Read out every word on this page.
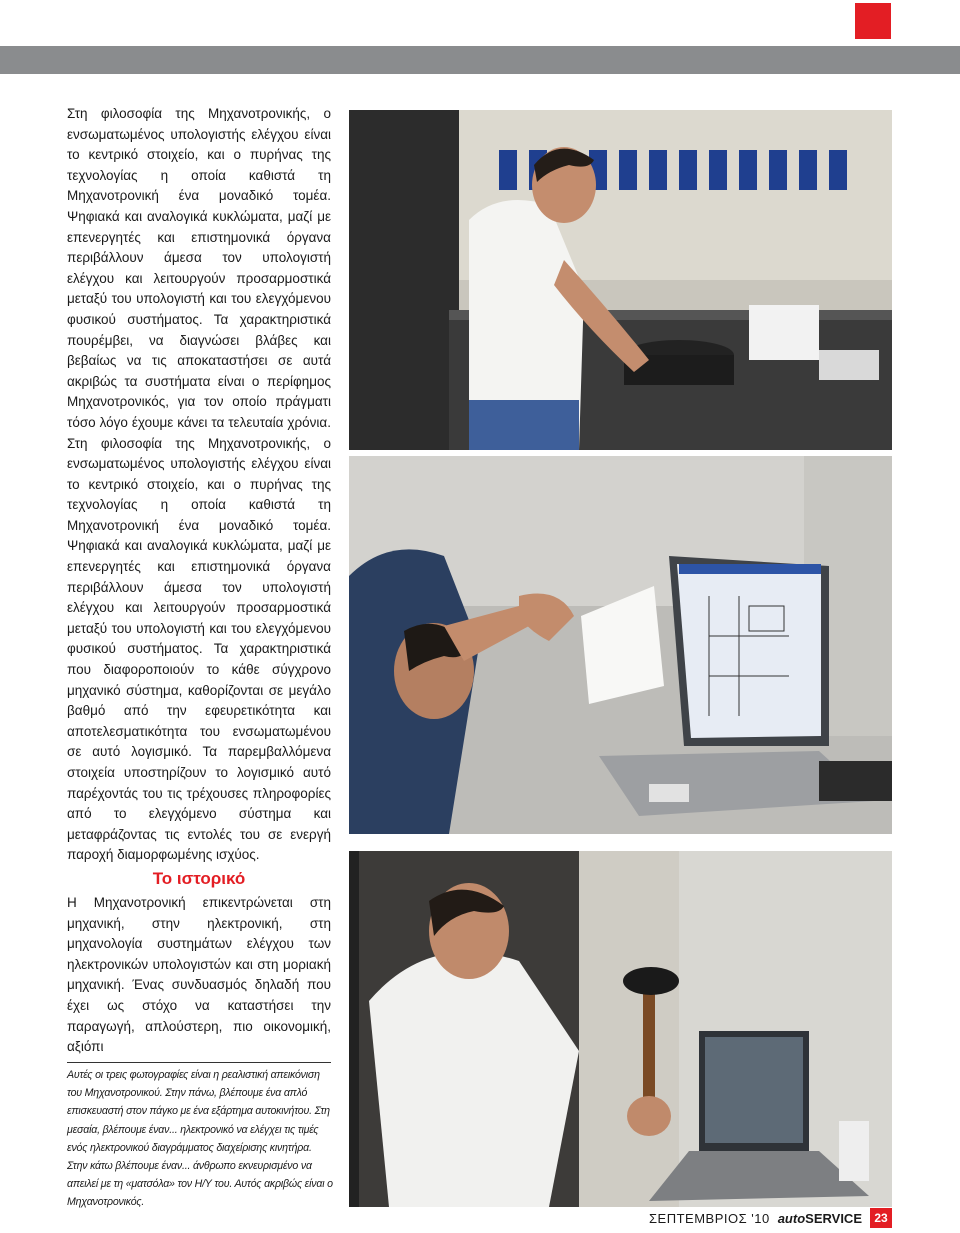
Στη φιλοσοφία της Μηχανοτρονικής, ο ενσωματωμένος υπολογιστής ελέγχου είναι το κεντρικό στοιχείο, και ο πυρήνας της τεχνολογίας η οποία καθιστά τη Μηχανοτρονική ένα μοναδικό τομέα. Ψηφιακά και αναλογικά κυκλώματα, μαζί με επενεργητές και επιστημονικά όργανα περιβάλλουν άμεσα τον υπολογιστή ελέγχου και λειτουργούν προσαρμοστικά μεταξύ του υπολογιστή και του ελεγχόμενου φυσικού συστήματος. Τα χαρακτηριστικά πουρέμβει, να διαγνώσει βλάβες και βεβαίως να τις αποκαταστήσει σε αυτά ακριβώς τα συστήματα είναι ο περίφημος Μηχανοτρονικός, για τον οποίο πράγματι τόσο λόγο έχουμε κάνει τα τελευταία χρόνια. Στη φιλοσοφία της Μηχανοτρονικής, ο ενσωματωμένος υπολογιστής ελέγχου είναι το κεντρικό στοιχείο, και ο πυρήνας της τεχνολογίας η οποία καθιστά τη Μηχανοτρονική ένα μοναδικό τομέα. Ψηφιακά και αναλογικά κυκλώματα, μαζί με επενεργητές και επιστημονικά όργανα περιβάλλουν άμεσα τον υπολογιστή ελέγχου και λειτουργούν προσαρμοστικά μεταξύ του υπολογιστή και του ελεγχόμενου φυσικού συστήματος. Τα χαρακτηριστικά που διαφοροποιούν το κάθε σύγχρονο μηχανικό σύστημα, καθορίζονται σε μεγάλο βαθμό από την εφευρετικότητα και αποτελεσματικότητα του ενσωματωμένου σε αυτό λογισμικό. Τα παρεμβαλλόμενα στοιχεία υποστηρίζουν το λογισμικό αυτό παρέχοντάς του τις τρέχουσες πληροφορίες από το ελεγχόμενο σύστημα και μεταφράζοντας τις εντολές του σε ενεργή παροχή διαμορφωμένης ισχύος.

Το ιστορικό

Η Μηχανοτρονική επικεντρώνεται στη μηχανική, στην ηλεκτρονική, στη μηχανολογία συστημάτων ελέγχου των ηλεκτρονικών υπολογιστών και στη μοριακή μηχανική. Ένας συνδυασμός δηλαδή που έχει ως στόχο να καταστήσει την παραγωγή, απλούστερη, πιο οικονομική, αξιόπι

Αυτές οι τρεις φωτογραφίες είναι η ρεαλιστική απεικόνιση του Μηχανοτρονικού. Στην πάνω, βλέπουμε ένα απλό επισκευαστή στον πάγκο με ένα εξάρτημα αυτοκινήτου. Στη μεσαία, βλέπουμε έναν... ηλεκτρονικό να ελέγχει τις τιμές ενός ηλεκτρονικού διαγράμματος διαχείρισης κινητήρα. Στην κάτω βλέπουμε έναν... άνθρωπο εκνευρισμένο να απειλεί με τη «ματσόλα» τον Η/Υ του. Αυτός ακριβώς είναι ο Μηχανοτρονικός.
ΣΕΠΤΕΜΒΡΙΟΣ '10 autoSERVICE	23
